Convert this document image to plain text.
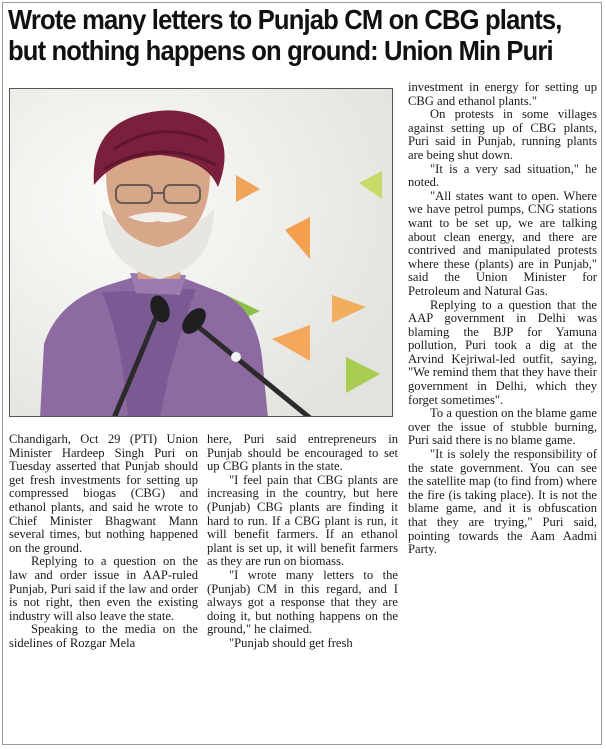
Wrote many letters to Punjab CM on CBG plants,
but nothing happens on ground: Union Min Puri

Chandigarh, Oct 29 (PTI) Union Minister Hardeep Singh Puri on Tuesday asserted that Punjab should get fresh investments for setting up compressed biogas (CBG) and ethanol plants, and said he wrote to Chief Minister Bhagwant Mann several times, but nothing happened on the ground.

Replying to a question on the law and order issue in AAP-ruled Punjab, Puri said if the law and order is not right, then even the existing industry will also leave the state.

Speaking to the media on the sidelines of Rozgar Mela

here, Puri said entrepreneurs in Punjab should be encouraged to set up CBG plants in the state.

"I feel pain that CBG plants are increasing in the country, but here (Punjab) CBG plants are finding it hard to run. If a CBG plant is run, it will benefit farmers. If an ethanol plant is set up, it will benefit farmers as they are run on biomass.

"I wrote many letters to the (Punjab) CM in this regard, and I always got a response that they are doing it, but nothing happens on the ground," he claimed.

"Punjab should get fresh

investment in energy for setting up CBG and ethanol plants."

On protests in some villages against setting up of CBG plants, Puri said in Punjab, running plants are being shut down.

"It is a very sad situation," he noted.

"All states want to open. Where we have petrol pumps, CNG stations want to be set up, we are talking about clean energy, and there are contrived and manipulated protests where these (plants) are in Punjab," said the Union Minister for Petroleum and Natural Gas.

Replying to a question that the AAP government in Delhi was blaming the BJP for Yamuna pollution, Puri took a dig at the Arvind Kejriwal-led outfit, saying, "We remind them that they have their government in Delhi, which they forget sometimes".

To a question on the blame game over the issue of stubble burning, Puri said there is no blame game.

"It is solely the responsibility of the state government. You can see the satellite map (to find from) where the fire (is taking place). It is not the blame game, and it is obfuscation that they are trying," Puri said, pointing towards the Aam Aadmi Party.
